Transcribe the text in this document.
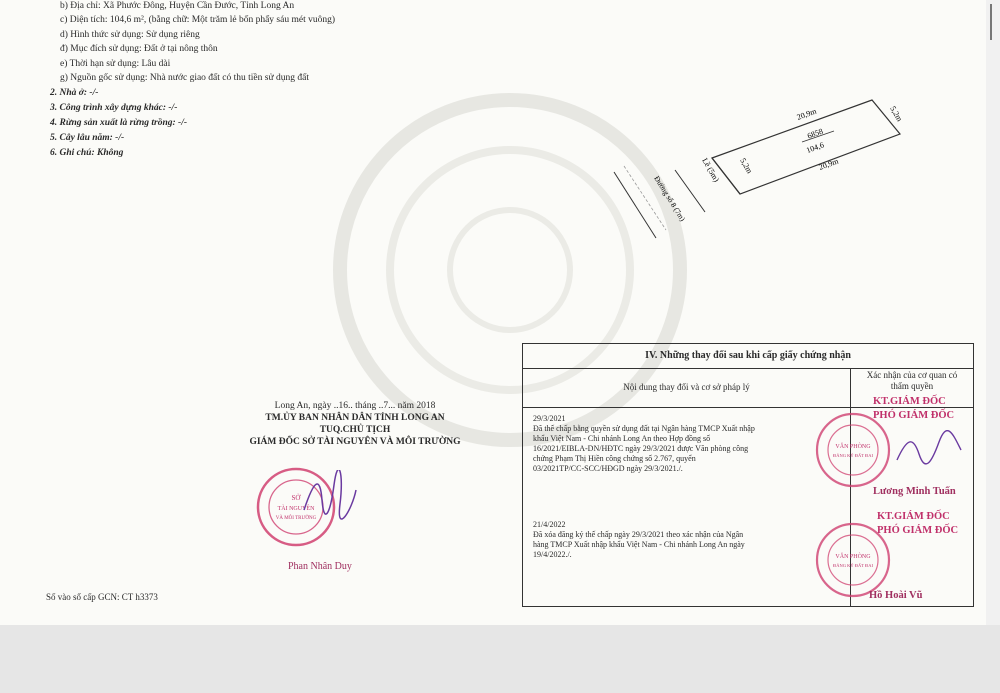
b) Địa chỉ: Xã Phước Đông, Huyện Cần Đước, Tỉnh Long An
c) Diện tích: 104,6 m², (bằng chữ: Một trăm lẻ bốn phẩy sáu mét vuông)
d) Hình thức sử dụng: Sử dụng riêng
đ) Mục đích sử dụng: Đất ở tại nông thôn
e) Thời hạn sử dụng: Lâu dài
g) Nguồn gốc sử dụng: Nhà nước giao đất có thu tiền sử dụng đất
2. Nhà ở: -/-
3. Công trình xây dựng khác: -/-
4. Rừng sản xuất là rừng trồng: -/-
5. Cây lâu năm: -/-
6. Ghi chú: Không
20,9m	5,2m
6858
104,6
20,9m
5,2m
Lề (5m)
Đường số 8 (7m)
Long An, ngày ..16.. tháng ..7... năm 2018
TM.ỦY BAN NHÂN DÂN TỈNH LONG AN
TUQ.CHỦ TỊCH
GIÁM ĐỐC SỞ TÀI NGUYÊN VÀ MÔI TRƯỜNG
SỞ
TÀI NGUYÊN
VÀ MÔI TRƯỜNG
Phan Nhân Duy
Số vào sổ cấp GCN: CT h3373
IV. Những thay đổi sau khi cấp giấy chứng nhận
Nội dung thay đổi và cơ sở pháp lý
Xác nhận của cơ quan có
thẩm quyền
29/3/2021
Đã thế chấp bằng quyền sử dụng đất tại Ngân hàng TMCP Xuất nhập
khẩu Việt Nam - Chi nhánh Long An theo Hợp đồng số
16/2021/EIBLA-DN/HĐTC ngày 29/3/2021 được Văn phòng công
chứng Phạm Thị Hiền công chứng số 2.767, quyển
03/2021TP/CC-SCC/HĐGD ngày 29/3/2021./.
21/4/2022
Đã xóa đăng ký thế chấp ngày 29/3/2021 theo xác nhận của Ngân
hàng TMCP Xuất nhập khẩu Việt Nam - Chi nhánh Long An ngày
19/4/2022./.
VĂN PHÒNG
ĐĂNG KÝ ĐẤT ĐAI
VĂN PHÒNG
ĐĂNG KÝ ĐẤT ĐAI
KT.GIÁM ĐỐC
PHÓ GIÁM ĐỐC
Lương Minh Tuấn
KT.GIÁM ĐỐC
PHÓ GIÁM ĐỐC
Hồ Hoài Vũ
